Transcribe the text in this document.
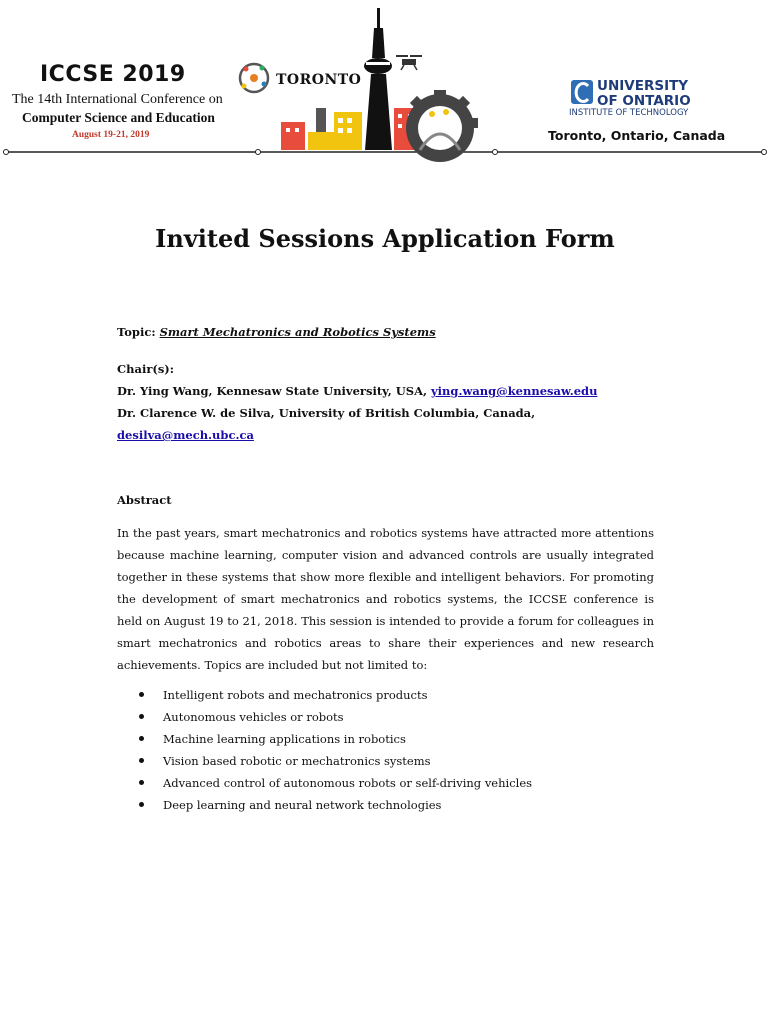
ICCSE 2019
The 14th International Conference on
Computer Science and Education
August 19-21, 2019
TORONTO	UNIVERSITY
OF ONTARIO
INSTITUTE OF TECHNOLOGY
Toronto, Ontario, Canada
Invited Sessions Application Form

Topic: Smart Mechatronics and Robotics Systems

Chair(s):

Dr. Ying Wang, Kennesaw State University, USA, ying.wang@kennesaw.edu

Dr. Clarence W. de Silva, University of British Columbia, Canada, desilva@mech.ubc.ca

Abstract
In the past years, smart mechatronics and robotics systems have attracted more attentions because machine learning, computer vision and advanced controls are usually integrated together in these systems that show more flexible and intelligent behaviors. For promoting the development of smart mechatronics and robotics systems, the ICCSE conference is held on August 19 to 21, 2018. This session is intended to provide a forum for colleagues in smart mechatronics and robotics areas to share their experiences and new research achievements. Topics are included but not limited to:
Intelligent robots and mechatronics products
Autonomous vehicles or robots
Machine learning applications in robotics
Vision based robotic or mechatronics systems
Advanced control of autonomous robots or self-driving vehicles
Deep learning and neural network technologies
